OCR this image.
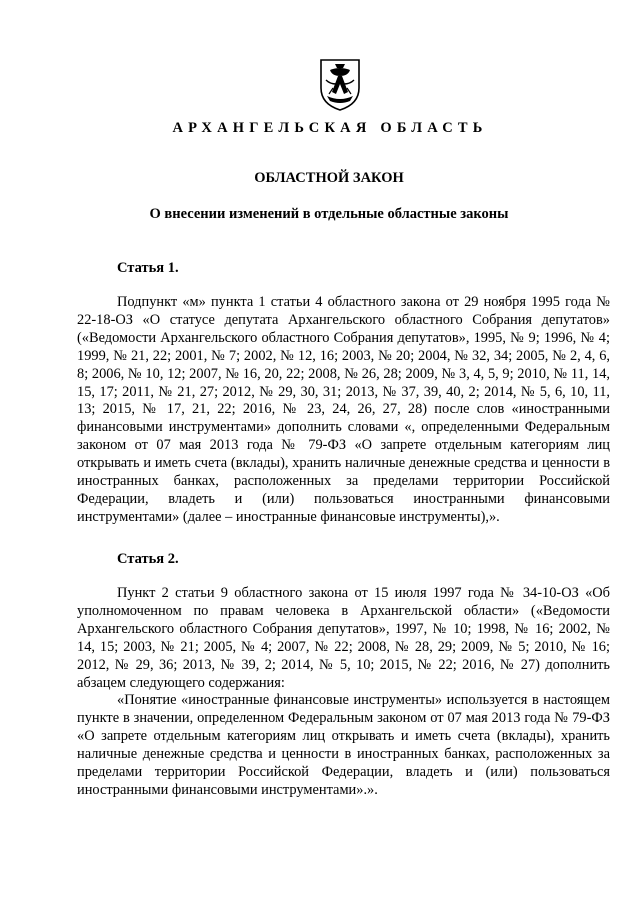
АРХАНГЕЛЬСКАЯ ОБЛАСТЬ
ОБЛАСТНОЙ ЗАКОН
О внесении изменений в отдельные областные законы
Статья 1.

Подпункт «м» пункта 1 статьи 4 областного закона от 29 ноября 1995 года № 22-18-ОЗ «О статусе депутата Архангельского областного Собрания депутатов» («Ведомости Архангельского областного Собрания депутатов», 1995, № 9; 1996, № 4; 1999, № 21, 22; 2001, № 7; 2002, № 12, 16; 2003, № 20; 2004, № 32, 34; 2005, № 2, 4, 6, 8; 2006, № 10, 12; 2007, № 16, 20, 22; 2008, № 26, 28; 2009, № 3, 4, 5, 9; 2010, № 11, 14, 15, 17; 2011, № 21, 27; 2012, № 29, 30, 31; 2013, № 37, 39, 40, 2; 2014, № 5, 6, 10, 11, 13; 2015, № 17, 21, 22; 2016, № 23, 24, 26, 27, 28) после слов «иностранными финансовыми инструментами» дополнить словами «, определенными Федеральным законом от 07 мая 2013 года № 79-ФЗ «О запрете отдельным категориям лиц открывать и иметь счета (вклады), хранить наличные денежные средства и ценности в иностранных банках, расположенных за пределами территории Российской Федерации, владеть и (или) пользоваться иностранными финансовыми инструментами» (далее – иностранные финансовые инструменты),».

Статья 2.

Пункт 2 статьи 9 областного закона от 15 июля 1997 года № 34-10-ОЗ «Об уполномоченном по правам человека в Архангельской области» («Ведомости Архангельского областного Собрания депутатов», 1997, № 10; 1998, № 16; 2002, № 14, 15; 2003, № 21; 2005, № 4; 2007, № 22; 2008, № 28, 29; 2009, № 5; 2010, № 16; 2012, № 29, 36; 2013, № 39, 2; 2014, № 5, 10; 2015, № 22; 2016, № 27) дополнить абзацем следующего содержания:

«Понятие «иностранные финансовые инструменты» используется в настоящем пункте в значении, определенном Федеральным законом от 07 мая 2013 года № 79-ФЗ «О запрете отдельным категориям лиц открывать и иметь счета (вклады), хранить наличные денежные средства и ценности в иностранных банках, расположенных за пределами территории Российской Федерации, владеть и (или) пользоваться иностранными финансовыми инструментами».».
